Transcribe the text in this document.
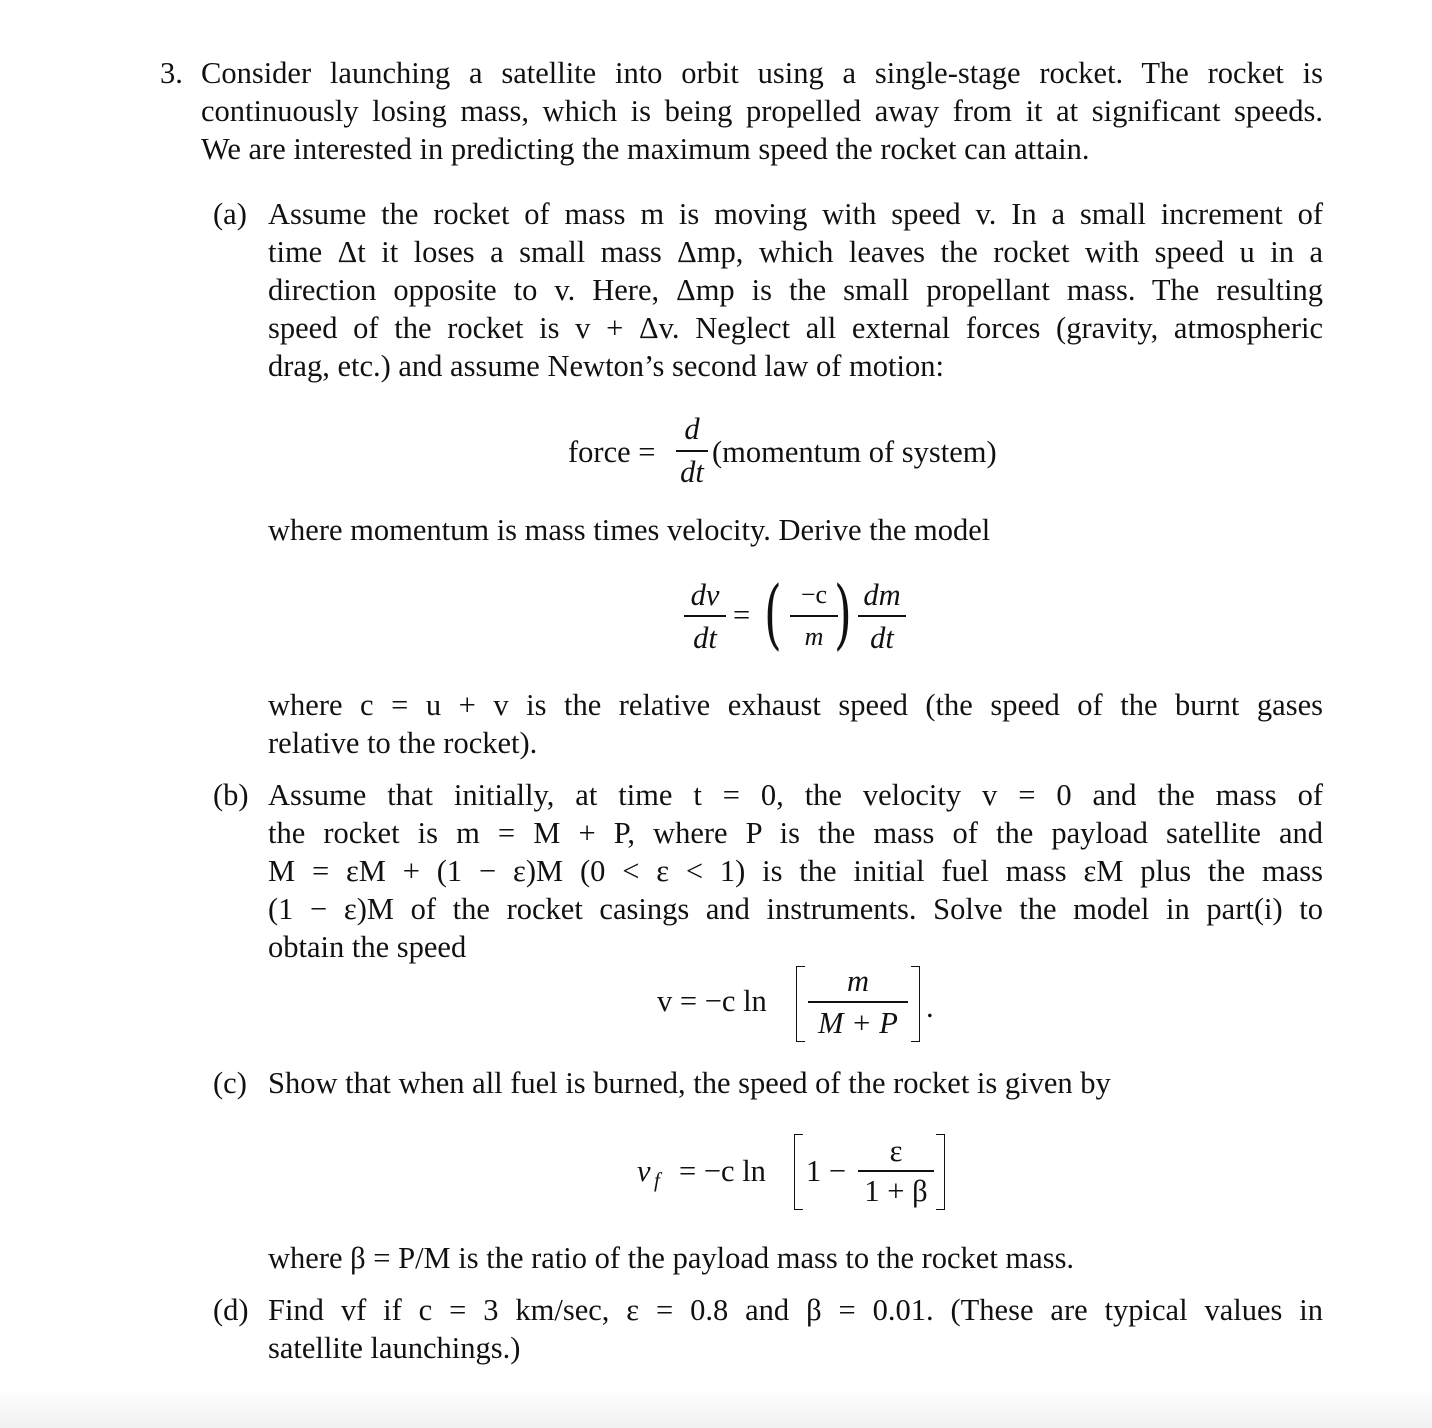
3. Consider launching a satellite into orbit using a single-stage rocket. The rocket is
continuously losing mass, which is being propelled away from it at significant speeds.
We are interested in predicting the maximum speed the rocket can attain.
(a) Assume the rocket of mass m is moving with speed v. In a small increment of
time Δt it loses a small mass Δmp, which leaves the rocket with speed u in a
direction opposite to v. Here, Δmp is the small propellant mass. The resulting
speed of the rocket is v + Δv. Neglect all external forces (gravity, atmospheric
drag, etc.) and assume Newton’s second law of motion:
force =
d
dt
(momentum of system)
where momentum is mass times velocity. Derive the model
dv
dt
= ( −c
m ) dm
dt
where c = u + v is the relative exhaust speed (the speed of the burnt gases
relative to the rocket).
(b) Assume that initially, at time t = 0, the velocity v = 0 and the mass of
the rocket is m = M + P, where P is the mass of the payload satellite and
M = εM + (1 − ε)M (0 < ε < 1) is the initial fuel mass εM plus the mass
(1 − ε)M of the rocket casings and instruments. Solve the model in part(i) to
obtain the speed
v = −c ln
m
M + P .
(c) Show that when all fuel is burned, the speed of the rocket is given by
v f = −c ln 1 −
ε
1 + β
where β = P/M is the ratio of the payload mass to the rocket mass.
(d) Find vf if c = 3 km/sec, ε = 0.8 and β = 0.01. (These are typical values in
satellite launchings.)
